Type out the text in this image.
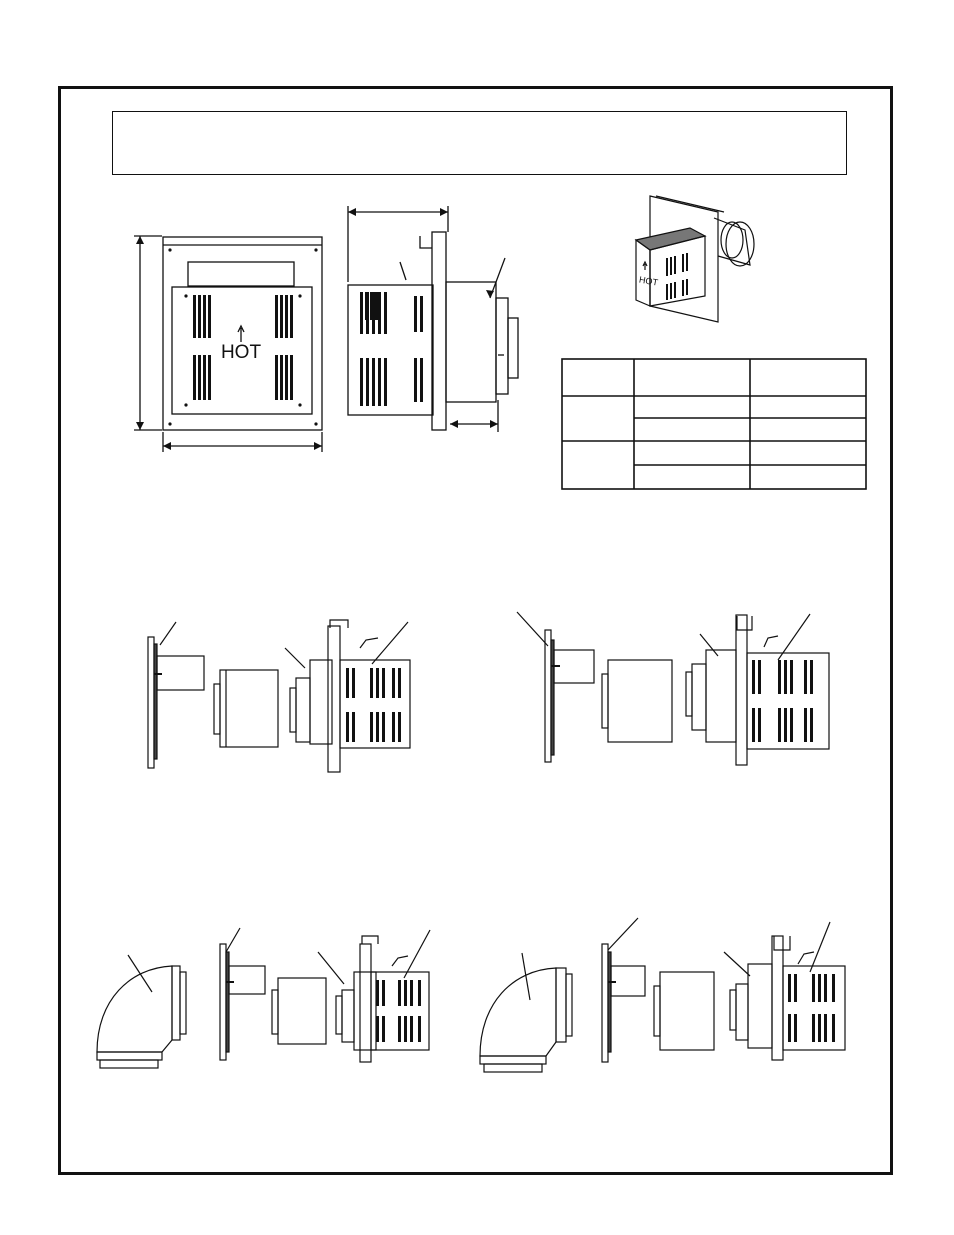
HOT
HOT
